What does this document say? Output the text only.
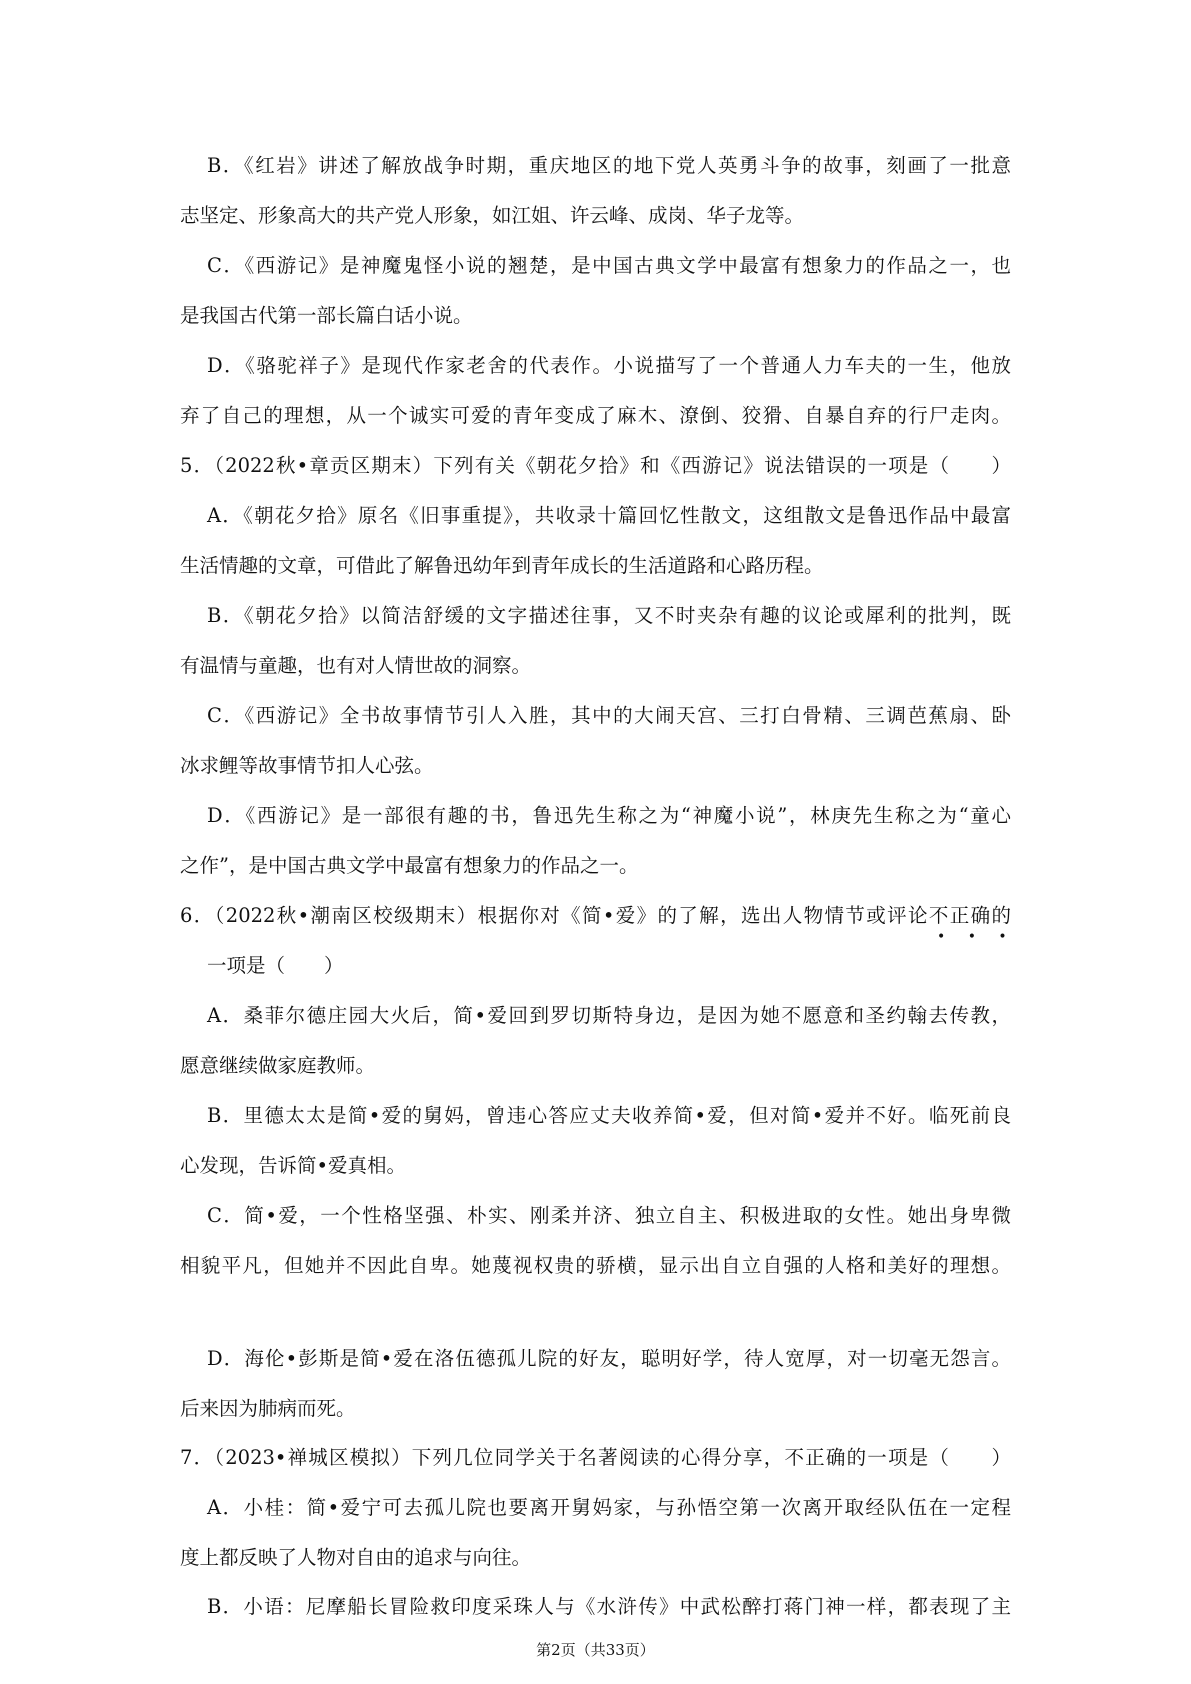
B．《红岩》讲述了解放战争时期，重庆地区的地下党人英勇斗争的故事，刻画了一批意
志坚定、形象高大的共产党人形象，如江姐、许云峰、成岗、华子龙等。
C．《西游记》是神魔鬼怪小说的翘楚，是中国古典文学中最富有想象力的作品之一，也
是我国古代第一部长篇白话小说。
D．《骆驼祥子》是现代作家老舍的代表作。小说描写了一个普通人力车夫的一生，他放
弃了自己的理想，从一个诚实可爱的青年变成了麻木、潦倒、狡猾、自暴自弃的行尸走肉。
5．（2022秋•章贡区期末）下列有关《朝花夕拾》和《西游记》说法错误的一项是（　　）
A．《朝花夕拾》原名《旧事重提》，共收录十篇回忆性散文，这组散文是鲁迅作品中最富
生活情趣的文章，可借此了解鲁迅幼年到青年成长的生活道路和心路历程。
B．《朝花夕拾》以简洁舒缓的文字描述往事，又不时夹杂有趣的议论或犀利的批判，既
有温情与童趣，也有对人情世故的洞察。
C．《西游记》全书故事情节引人入胜，其中的大闹天宫、三打白骨精、三调芭蕉扇、卧
冰求鲤等故事情节扣人心弦。
D．《西游记》是一部很有趣的书，鲁迅先生称之为“神魔小说”，林庚先生称之为“童心
之作”，是中国古典文学中最富有想象力的作品之一。
6．（2022秋•潮南区校级期末）根据你对《简•爱》的了解，选出人物情节或评论不正确的
• • •
一项是（　　）
A．桑菲尔德庄园大火后，简•爱回到罗切斯特身边，是因为她不愿意和圣约翰去传教，
愿意继续做家庭教师。
B．里德太太是简•爱的舅妈，曾违心答应丈夫收养简•爱，但对简•爱并不好。临死前良
心发现，告诉简•爱真相。
C．简•爱，一个性格坚强、朴实、刚柔并济、独立自主、积极进取的女性。她出身卑微
相貌平凡，但她并不因此自卑。她蔑视权贵的骄横，显示出自立自强的人格和美好的理想。
D．海伦•彭斯是简•爱在洛伍德孤儿院的好友，聪明好学，待人宽厚，对一切毫无怨言。
后来因为肺病而死。
7．（2023•禅城区模拟）下列几位同学关于名著阅读的心得分享，不正确的一项是（　　）
A．小桂：简•爱宁可去孤儿院也要离开舅妈家，与孙悟空第一次离开取经队伍在一定程
度上都反映了人物对自由的追求与向往。
B．小语：尼摩船长冒险救印度采珠人与《水浒传》中武松醉打蒋门神一样，都表现了主
第2页（共33页）
